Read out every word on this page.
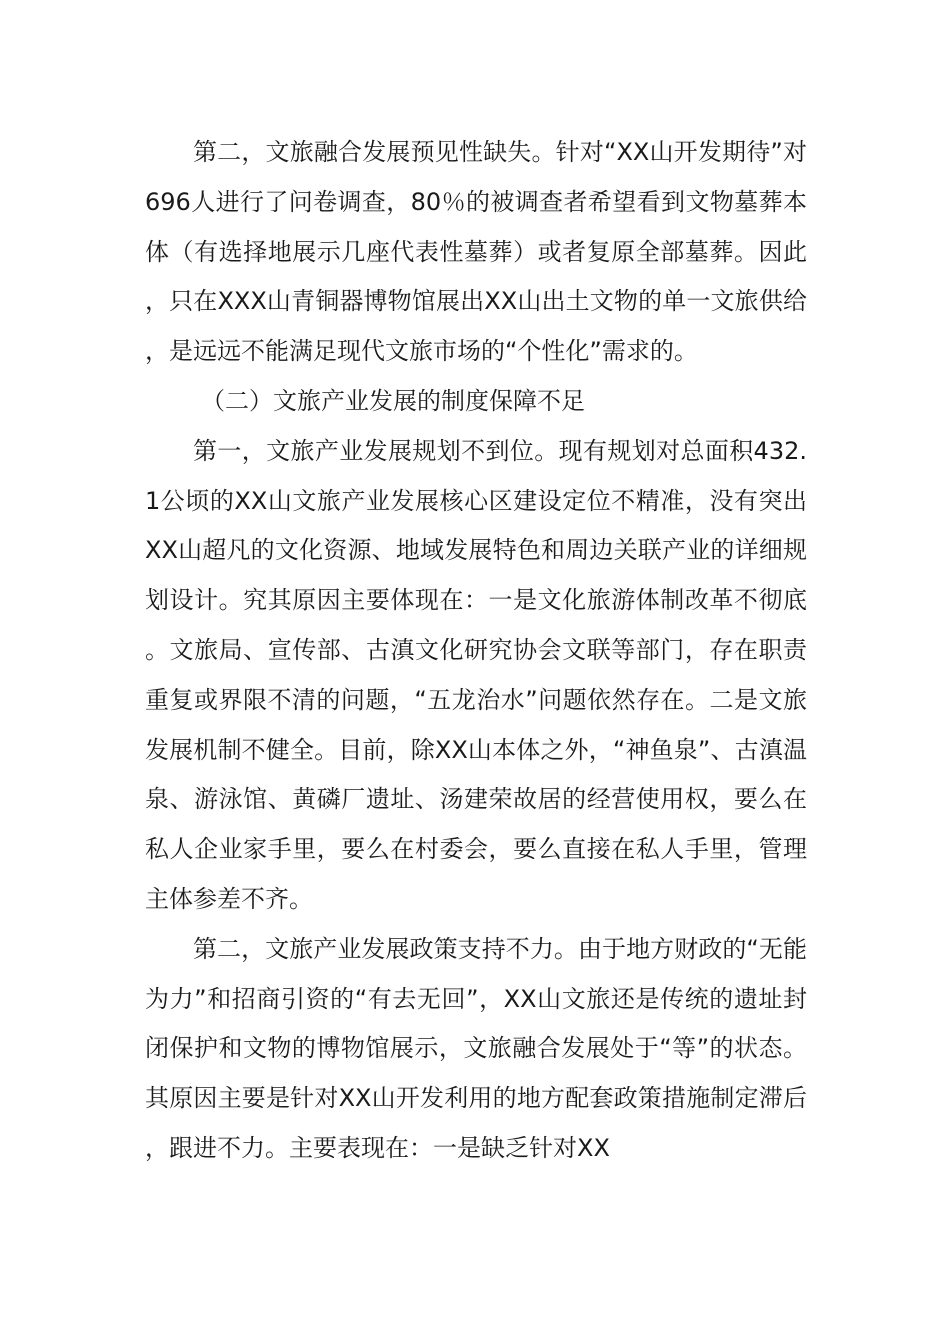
第二，文旅融合发展预见性缺失。针对“XX山开发期待”对696人进行了问卷调查，80％的被调查者希望看到文物墓葬本体（有选择地展示几座代表性墓葬）或者复原全部墓葬。因此，只在XXX山青铜器博物馆展出XX山出土文物的单一文旅供给，是远远不能满足现代文旅市场的“个性化”需求的。

（二）文旅产业发展的制度保障不足

第一，文旅产业发展规划不到位。现有规划对总面积432.1公顷的XX山文旅产业发展核心区建设定位不精准，没有突出XX山超凡的文化资源、地域发展特色和周边关联产业的详细规划设计。究其原因主要体现在：一是文化旅游体制改革不彻底。文旅局、宣传部、古滇文化研究协会文联等部门，存在职责重复或界限不清的问题，“五龙治水”问题依然存在。二是文旅发展机制不健全。目前，除XX山本体之外，“神鱼泉”、古滇温泉、游泳馆、黄磷厂遗址、汤建荣故居的经营使用权，要么在私人企业家手里，要么在村委会，要么直接在私人手里，管理主体参差不齐。

第二，文旅产业发展政策支持不力。由于地方财政的“无能为力”和招商引资的“有去无回”，XX山文旅还是传统的遗址封闭保护和文物的博物馆展示，文旅融合发展处于“等”的状态。其原因主要是针对XX山开发利用的地方配套政策措施制定滞后，跟进不力。主要表现在：一是缺乏针对XX
